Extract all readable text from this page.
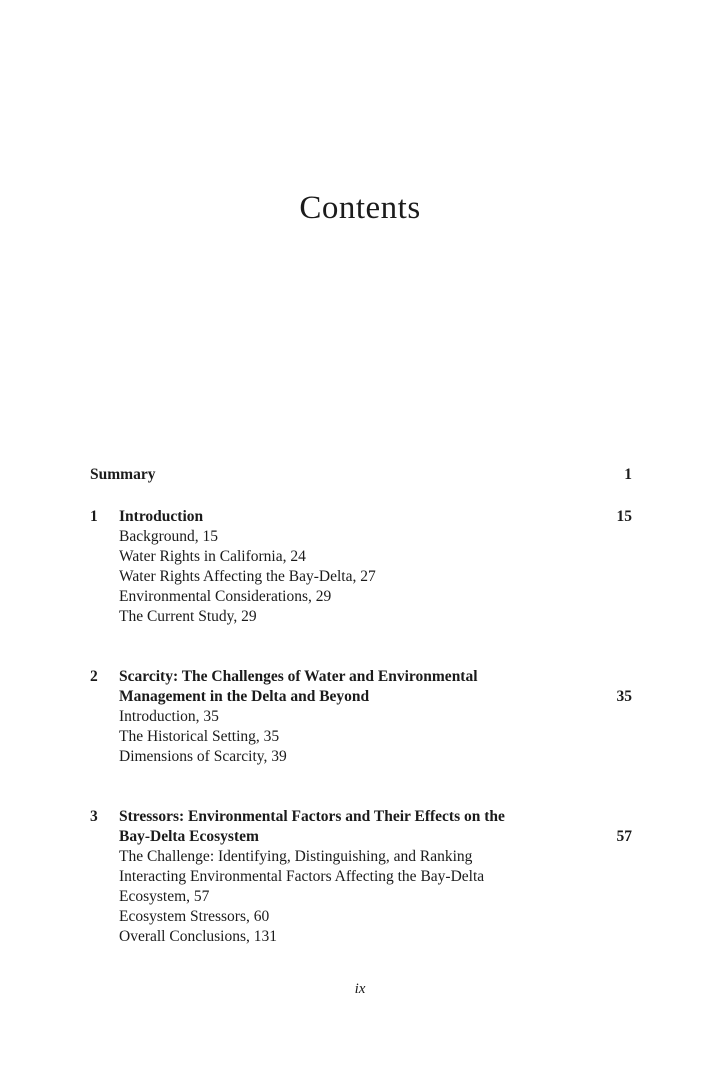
Contents
Summary	1
1	Introduction	15
Background, 15
Water Rights in California, 24
Water Rights Affecting the Bay-Delta, 27
Environmental Considerations, 29
The Current Study, 29
2	Scarcity: The Challenges of Water and Environmental
Management in the Delta and Beyond	35
Introduction, 35
The Historical Setting, 35
Dimensions of Scarcity, 39
3	Stressors: Environmental Factors and Their Effects on the
Bay-Delta Ecosystem	57
The Challenge: Identifying, Distinguishing, and Ranking
Interacting Environmental Factors Affecting the Bay-Delta
Ecosystem, 57
Ecosystem Stressors, 60
Overall Conclusions, 131
ix
